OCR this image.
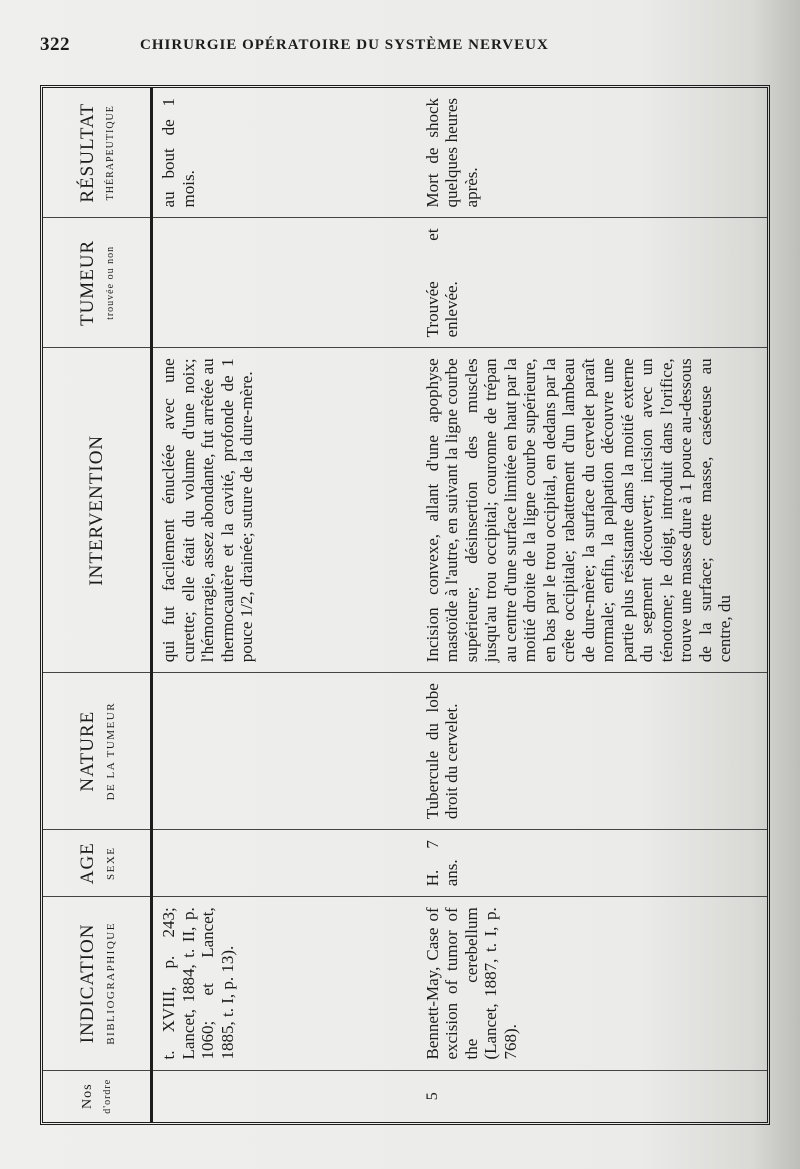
322	CHIRURGIE OPÉRATOIRE DU SYSTÈME NERVEUX
Nos d'ordre	INDICATION BIBLIOGRAPHIQUE	AGE SEXE	NATURE DE LA TUMEUR	INTERVENTION	TUMEUR trouvée ou non	RÉSULTAT THÉRAPEUTIQUE

	t. XVIII, p. 243; Lancet, 1884, t. II, p. 1060; et Lancet, 1885, t. I, p. 13).			qui fut facilement énucléée avec une curette; elle était du volume d'une noix; l'hémorragie, assez abondante, fut arrêtée au thermocautère et la cavité, profonde de 1 pouce 1/2, drainée; suture de la dure-mère.		au bout de 1 mois.
5	Bennett-May, Case of excision of tumor of the cerebellum (Lancet, 1887, t. I, p. 768).	H. 7 ans.	Tubercule du lobe droit du cervelet.	Incision convexe, allant d'une apophyse mastoïde à l'autre, en suivant la ligne courbe supérieure; désinsertion des muscles jusqu'au trou occipital; couronne de trépan au centre d'une surface limitée en haut par la moitié droite de la ligne courbe supérieure, en bas par le trou occipital, en dedans par la crête occipitale; rabattement d'un lambeau de dure-mère; la surface du cervelet paraît normale; enfin, la palpation découvre une partie plus résistante dans la moitié externe du segment découvert; incision avec un ténotome; le doigt, introduit dans l'orifice, trouve une masse dure à 1 pouce au-dessous de la surface; cette masse, caséeuse au centre, du	Trouvée et enlevée.	Mort de shock quelques heures après.
